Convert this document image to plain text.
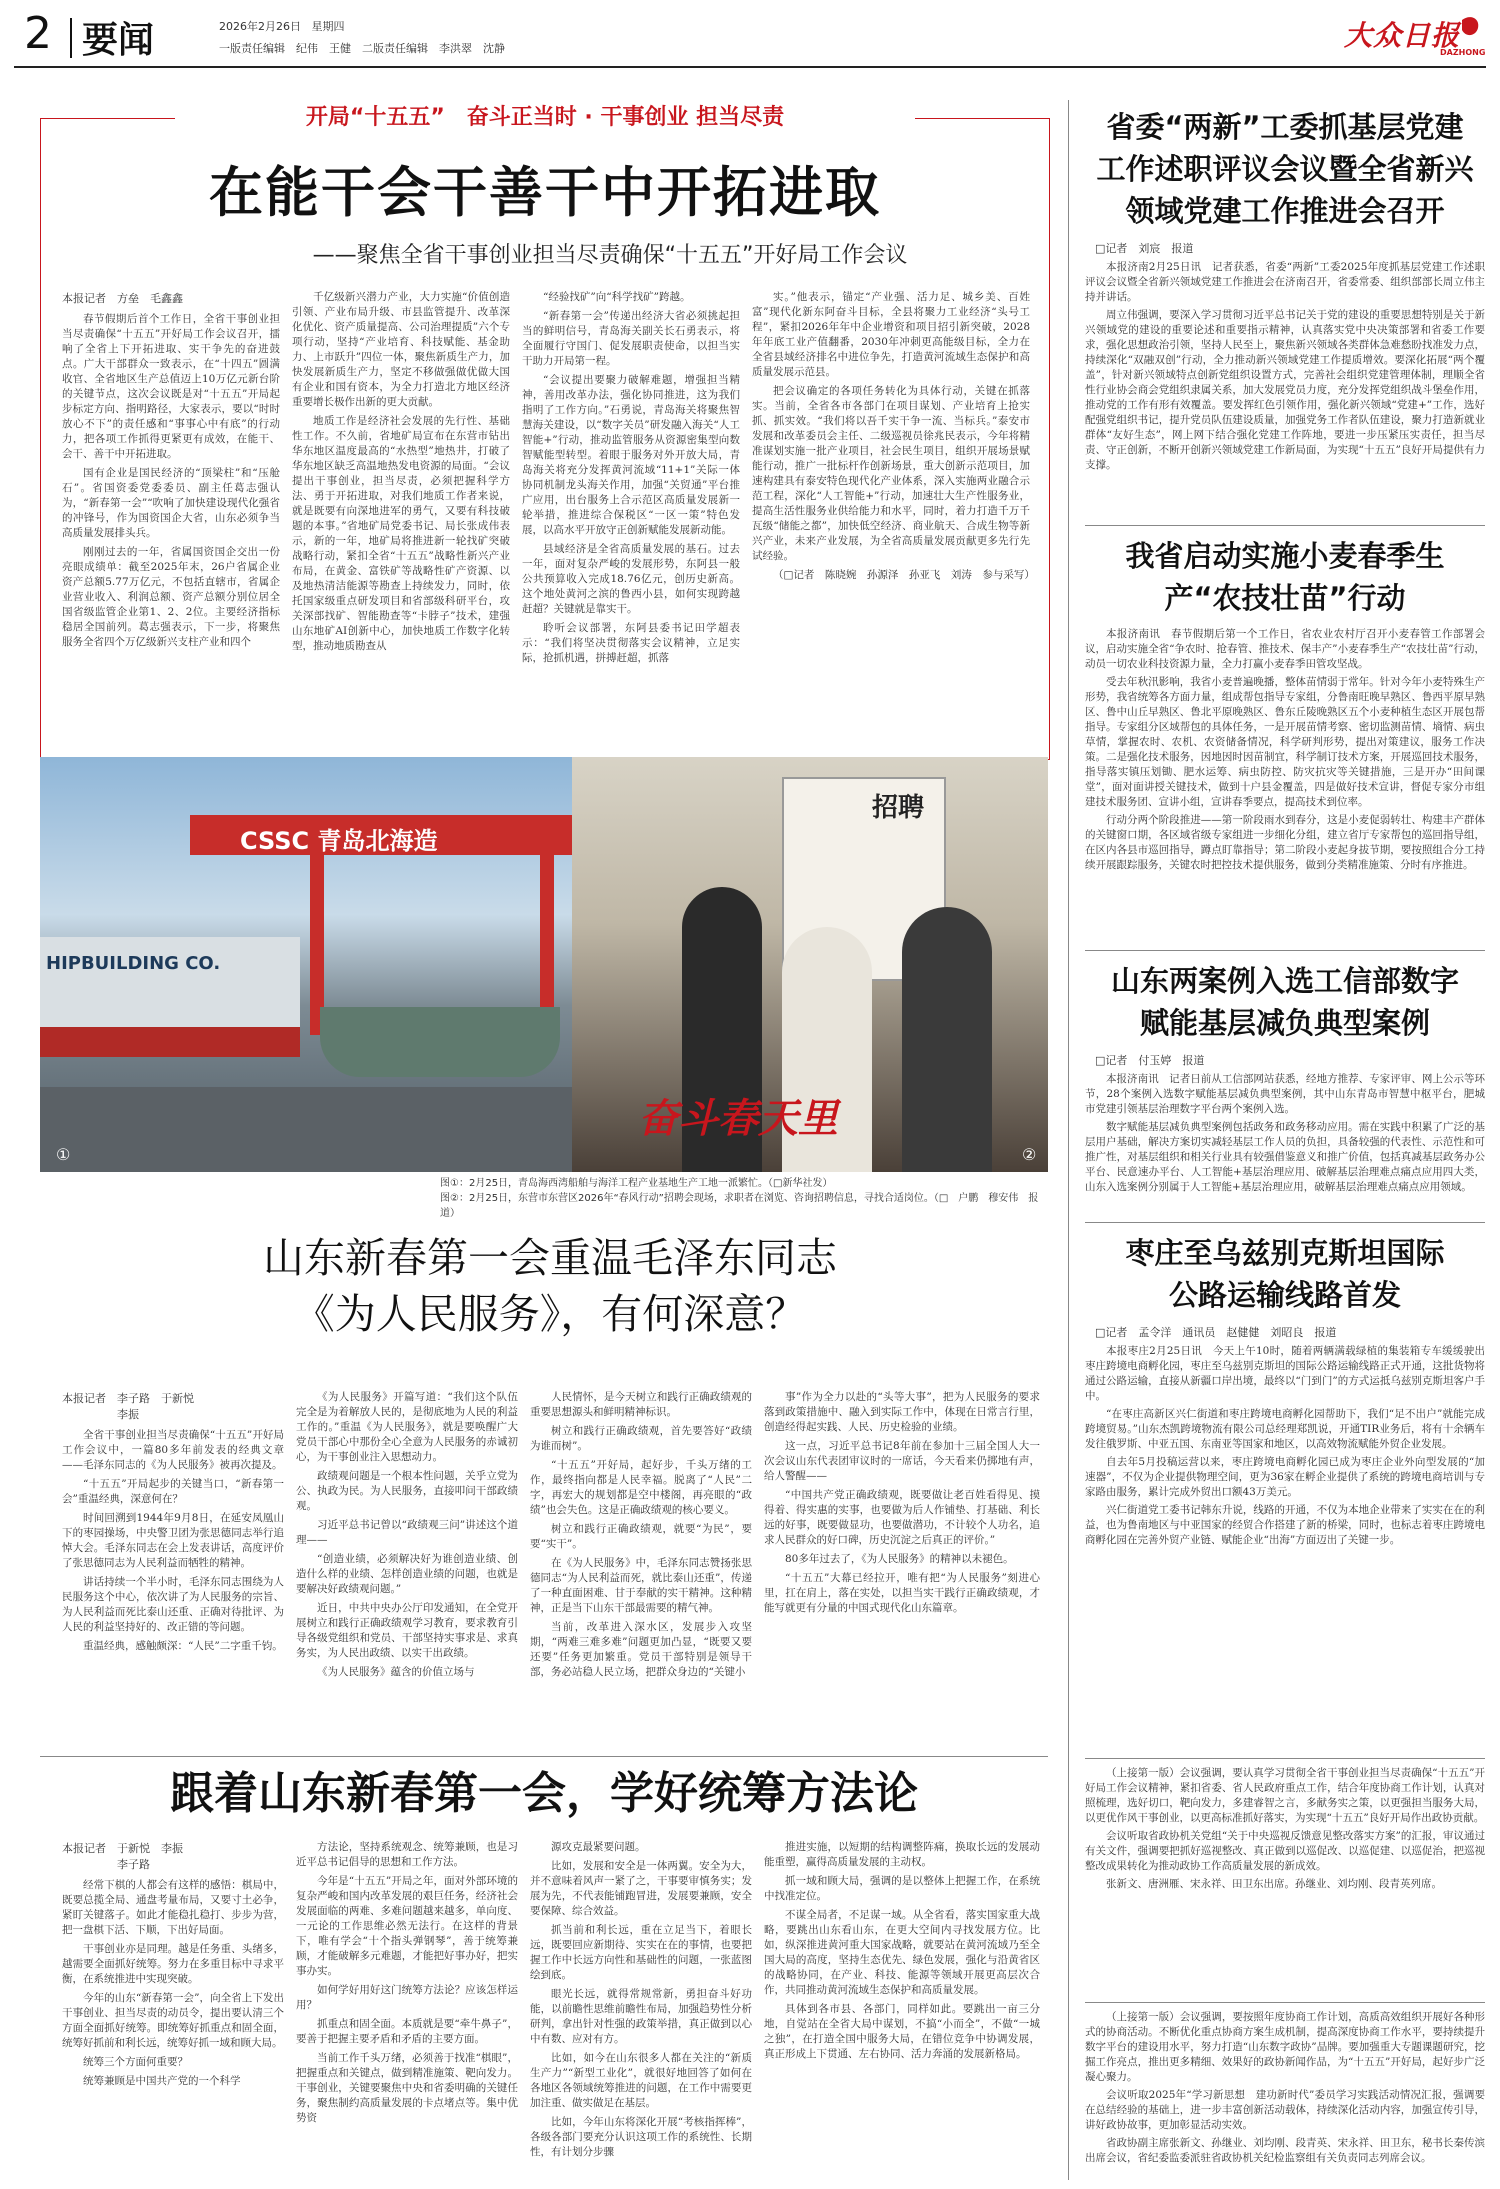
2 要闻	2026年2月26日 星期四
一版责任编辑　纪伟　王健　二版责任编辑　李洪翠　沈静	大众日报
DAZHONG
开局“十五五”　奋斗正当时 · 干事创业 担当尽责
在能干会干善干中开拓进取
——聚焦全省干事创业担当尽责确保“十五五”开好局工作会议
本报记者　方垒　毛鑫鑫

春节假期后首个工作日，全省干事创业担当尽责确保“十五五”开好局工作会议召开，擂响了全省上下开拓进取、实干争先的奋进鼓点。广大干部群众一致表示，在“十四五”圆满收官、全省地区生产总值迈上10万亿元新台阶的关键节点，这次会议既是对“十五五”开局起步标定方向、指明路径，大家表示，要以“时时放心不下”的责任感和“事事心中有底”的行动力，把各项工作抓得更紧更有成效，在能干、会干、善干中开拓进取。

国有企业是国民经济的“顶梁柱”和“压舱石”。省国资委党委委员、副主任葛志强认为，“新春第一会”“吹响了加快建设现代化强省的冲锋号，作为国资国企大省，山东必须争当高质量发展排头兵。

刚刚过去的一年，省属国资国企交出一份亮眼成绩单：截至2025年末，26户省属企业资产总额5.77万亿元，不包括直辖市，省属企业营业收入、利润总额、资产总额分别位居全国省级监管企业第1、2、2位。主要经济指标稳居全国前列。葛志强表示，下一步，将聚焦服务全省四个万亿级新兴支柱产业和四个

千亿级新兴潜力产业，大力实施“价值创造引领、产业布局升级、市县监管提升、改革深化优化、资产质量提高、公司治理提质”六个专项行动，坚持“产业培育、科技赋能、基金助力、上市跃升”四位一体，聚焦新质生产力，加快发展新质生产力，坚定不移做强做优做大国有企业和国有资本，为全力打造北方地区经济重要增长极作出新的更大贡献。

地质工作是经济社会发展的先行性、基础性工作。不久前，省地矿局宣布在东营市钻出华东地区温度最高的“水热型”地热井，打破了华东地区缺乏高温地热发电资源的局面。“会议提出干事创业，担当尽责，必须把握科学方法、勇于开拓进取，对我们地质工作者来说，就是既要有向深地进军的勇气，又要有科技破题的本事。”省地矿局党委书记、局长张成伟表示，新的一年，地矿局将推进新一轮找矿突破战略行动，紧扣全省“十五五”战略性新兴产业布局，在黄金、富铁矿等战略性矿产资源、以及地热清洁能源等勘查上持续发力，同时，依托国家级重点研发项目和省部级科研平台，攻关深部找矿、智能勘查等“卡脖子”技术，建强山东地矿AI创新中心，加快地质工作数字化转型，推动地质勘查从

“经验找矿”向“科学找矿”跨越。

“新春第一会”传递出经济大省必须挑起担当的鲜明信号，青岛海关副关长石勇表示，将全面履行守国门、促发展职责使命，以担当实干助力开局第一程。

“会议提出要聚力破解难题，增强担当精神，善用改革办法，强化协同推进，这为我们指明了工作方向。”石勇说，青岛海关将聚焦智慧海关建设，以“数字关员”研发融入海关“人工智能+”行动，推动监管服务从资源密集型向数智赋能型转型。着眼于服务对外开放大局，青岛海关将充分发挥黄河流域“11+1”关际一体协同机制龙头海关作用，加强“关贸通”平台推广应用，出台服务上合示范区高质量发展新一轮举措，推进综合保税区“一区一策”特色发展，以高水平开放守正创新赋能发展新动能。

县域经济是全省高质量发展的基石。过去一年，面对复杂严峻的发展形势，东阿县一般公共预算收入完成18.76亿元，创历史新高。这个地处黄河之滨的鲁西小县，如何实现跨越赶超？关键就是靠实干。

聆听会议部署，东阿县委书记田学超表示：“我们将坚决贯彻落实会议精神，立足实际，抢抓机遇，拼搏赶超，抓落

实。”他表示，锚定“产业强、活力足、城乡美、百姓富”现代化新东阿奋斗目标，全县将聚力工业经济“头号工程”，紧扣2026年年中企业增资和项目招引新突破，2028年年底工业产值翻番，2030年冲刺更高能级目标，全力在全省县域经济排名中进位争先，打造黄河流域生态保护和高质量发展示范县。

把会议确定的各项任务转化为具体行动，关键在抓落实。当前，全省各市各部门在项目谋划、产业培育上抢实抓、抓实效。“我们将以吾千实干争一流、当标兵。”泰安市发展和改革委员会主任、二级巡视员徐兆民表示，今年将精准谋划实施一批产业项目，社会民生项目，组织开展场景赋能行动，推广一批标杆作创新场景，重大创新示范项目，加速构建具有泰安特色现代化产业体系，深入实施两业融合示范工程，深化“人工智能+”行动，加速壮大生产性服务业，提高生活性服务业供给能力和水平，同时，着力打造千万千瓦级“储能之都”，加快低空经济、商业航天、合成生物等新兴产业，未来产业发展，为全省高质量发展贡献更多先行先试经验。

（□记者　陈晓婉　孙源泽　孙亚飞　刘涛　参与采写）

CSSC 青岛北海造
HIPBUILDING CO.
①
招聘
②
奋斗春天里
图①：2月25日，青岛海西湾船舶与海洋工程产业基地生产工地一派繁忙。（□新华社发）
图②：2月25日，东营市东营区2026年“春风行动”招聘会现场，求职者在浏览、咨询招聘信息，寻找合适岗位。（□　户鹏　穆安伟　报道）
山东新春第一会重温毛泽东同志
《为人民服务》，有何深意？
本报记者　李子路　于新悦
　　　　　李振

全省干事创业担当尽责确保“十五五”开好局工作会议中，一篇80多年前发表的经典文章——毛泽东同志的《为人民服务》被再次提及。

“十五五”开局起步的关键当口，“新春第一会”重温经典，深意何在？

时间回溯到1944年9月8日，在延安凤凰山下的枣园操场，中央警卫团为张思德同志举行追悼大会。毛泽东同志在会上发表讲话，高度评价了张思德同志为人民利益而牺牲的精神。

讲话持续一个半小时，毛泽东同志围绕为人民服务这个中心，依次讲了为人民服务的宗旨、为人民利益而死比泰山还重、正确对待批评、为人民的利益坚持好的、改正错的等问题。

重温经典，感触颇深：“人民”二字重千钧。

《为人民服务》开篇写道：“我们这个队伍完全是为着解放人民的，是彻底地为人民的利益工作的。”重温《为人民服务》，就是要唤醒广大党员干部心中那份全心全意为人民服务的赤诚初心，为干事创业注入思想动力。

政绩观问题是一个根本性问题，关乎立党为公、执政为民。为人民服务，直接叩问干部政绩观。

习近平总书记曾以“政绩观三问”讲述这个道理——

“创造业绩，必须解决好为谁创造业绩、创造什么样的业绩、怎样创造业绩的问题，也就是要解决好政绩观问题。”

近日，中共中央办公厅印发通知，在全党开展树立和践行正确政绩观学习教育，要求教育引导各级党组织和党员、干部坚持实事求是、求真务实，为人民出政绩、以实干出政绩。

《为人民服务》蕴含的价值立场与

人民情怀，是今天树立和践行正确政绩观的重要思想源头和鲜明精神标识。

树立和践行正确政绩观，首先要答好“政绩为谁而树”。

“十五五”开好局，起好步，千头万绪的工作，最终指向都是人民幸福。脱离了“人民”二字，再宏大的规划都是空中楼阁，再亮眼的“政绩”也会失色。这是正确政绩观的核心要义。

树立和践行正确政绩观，就要“为民”，要要“实干”。

在《为人民服务》中，毛泽东同志赞扬张思德同志“为人民利益而死，就比泰山还重”，传递了一种直面困难、甘于奉献的实干精神。这种精神，正是当下山东干部最需要的精气神。

当前，改革进入深水区，发展步入攻坚期，“两难三难多难”问题更加凸显，“既要又要还要”任务更加繁重。党员干部特别是领导干部，务必站稳人民立场，把群众身边的“关键小

事”作为全力以赴的“头等大事”，把为人民服务的要求落到政策措施中、融入到实际工作中，体现在日常言行里，创造经得起实践、人民、历史检验的业绩。

这一点，习近平总书记8年前在参加十三届全国人大一次会议山东代表团审议时的一席话，今天看来仍掷地有声，给人警醒——

“中国共产党正确政绩观，既要做让老百姓看得见、摸得着、得实惠的实事，也要做为后人作铺垫、打基础、利长远的好事，既要做显功，也要做潜功，不计较个人功名，追求人民群众的好口碑，历史沉淀之后真正的评价。”

80多年过去了，《为人民服务》的精神以未褪色。

“十五五”大幕已经拉开，唯有把“为人民服务”刻进心里，扛在肩上，落在实处，以担当实干践行正确政绩观，才能写就更有分量的中国式现代化山东篇章。

跟着山东新春第一会，学好统筹方法论
本报记者　于新悦　李振
　　　　　李子路

经常下棋的人都会有这样的感悟：棋局中，既要总揽全局、通盘考量布局，又要寸土必争，紧盯关键落子。如此才能稳扎稳打、步步为营，把一盘棋下活、下顺，下出好局面。

干事创业亦是同理。越是任务重、头绪多，越需要全面抓好统筹。努力在多重目标中寻求平衡，在系统推进中实现突破。

今年的山东“新春第一会”，向全省上下发出干事创业、担当尽责的动员令，提出要认清三个方面全面抓好统筹。即统筹好抓重点和固全面，统筹好抓前和利长远，统筹好抓一域和顾大局。

统筹三个方面何重要？

统筹兼顾是中国共产党的一个科学

方法论，坚持系统观念、统筹兼顾，也是习近平总书记倡导的思想和工作方法。

今年是“十五五”开局之年，面对外部环境的复杂严峻和国内改革发展的艰巨任务，经济社会发展面临的两难、多难问题越来越多，单向度、一元论的工作思维必然无法行。在这样的背景下，唯有学会“十个指头弹钢琴”，善于统筹兼顾，才能破解多元难题，才能把好事办好，把实事办实。

如何学好用好这门统筹方法论？应该怎样运用？

抓重点和固全面。本质就是要“牵牛鼻子”，要善于把握主要矛盾和矛盾的主要方面。

当前工作千头万绪，必须善于找准“棋眼”，把握重点和关键点，做到精准施策、靶向发力。干事创业，关键要聚焦中央和省委明确的关键任务，聚焦制约高质量发展的卡点堵点等。集中优势资

源攻克最紧要问题。

比如，发展和安全是一体两翼。安全为大，并不意味着风声一紧了之，干事要审慎务实；发展为先，不代表能铺跑冒进，发展要兼顾，安全要保障、综合效益。

抓当前和利长远，重在立足当下，着眼长远，既要回应新期待、实实在在的事情，也要把握工作中长远方向性和基础性的问题，一张蓝图绘到底。

眼光长远，就得常规常新，勇担奋斗好功能，以前瞻性思维前瞻性布局，加强趋势性分析研判，拿出针对性强的政策举措，真正做到以心中有数、应对有方。

比如，如今在山东很多人都在关注的“新质生产力”“新型工业化”，就很好地回答了如何在各地区各领域统筹推进的问题，在工作中需要更加注重、做实做足在基层。

比如，今年山东将深化开展“考核指挥棒”，各级各部门要充分认识这项工作的系统性、长期性，有计划分步骤

推进实施，以短期的结构调整阵痛，换取长远的发展动能重塑，赢得高质量发展的主动权。

抓一域和顾大局，强调的是以整体上把握工作，在系统中找准定位。

不谋全局者，不足谋一域。从全省看，落实国家重大战略，要跳出山东看山东，在更大空间内寻找发展方位。比如，纵深推进黄河重大国家战略，就要站在黄河流域乃至全国大局的高度，坚持生态优先、绿色发展，强化与沿黄省区的战略协同，在产业、科技、能源等领域开展更高层次合作，共同推动黄河流域生态保护和高质量发展。

具体到各市县、各部门，同样如此。要跳出一亩三分地，自觉站在全省大局中谋划，不搞“小而全”，不做“一城之独”，在打造全国中服务大局，在错位竞争中协调发展，真正形成上下贯通、左右协同、活力奔涌的发展新格局。

省委“两新”工委抓基层党建工作述职评议会议暨全省新兴领域党建工作推进会召开
□记者　刘宸　报道

本报济南2月25日讯　记者获悉，省委“两新”工委2025年度抓基层党建工作述职评议会议暨全省新兴领域党建工作推进会在济南召开，省委常委、组织部部长周立伟主持并讲话。

周立伟强调，要深入学习贯彻习近平总书记关于党的建设的重要思想特别是关于新兴领域党的建设的重要论述和重要指示精神，认真落实党中央决策部署和省委工作要求，强化思想政治引领，坚持人民至上，聚焦新兴领域各类群体急难愁盼找准发力点，持续深化“双融双创”行动，全力推动新兴领域党建工作提质增效。要深化拓展“两个覆盖”，针对新兴领域特点创新党组织设置方式，完善社会组织党建管理体制，理顺全省性行业协会商会党组织隶属关系，加大发展党员力度，充分发挥党组织战斗堡垒作用，推动党的工作有形有效覆盖。要发挥红色引领作用，强化新兴领域“党建+”工作，选好配强党组织书记，提升党员队伍建设质量，加强党务工作者队伍建设，聚力打造新就业群体“友好生态”，网上网下结合强化党建工作阵地，要进一步压紧压实责任，担当尽责、守正创新，不断开创新兴领域党建工作新局面，为实现“十五五”良好开局提供有力支撑。

我省启动实施小麦春季生产“农技壮苗”行动

本报济南讯　春节假期后第一个工作日，省农业农村厅召开小麦春管工作部署会议，启动实施全省“争农时、抢春管、推技术、保丰产”小麦春季生产“农技壮苗”行动，动员一切农业科技资源力量，全力打赢小麦春季田管攻坚战。

受去年秋汛影响，我省小麦普遍晚播，整体苗情弱于常年。针对今年小麦特殊生产形势，我省统筹各方面力量，组成帮包指导专家组，分鲁南旺晚早熟区、鲁西平原早熟区、鲁中山丘早熟区、鲁北平原晚熟区、鲁东丘陵晚熟区五个小麦种植生态区开展包帮指导。专家组分区域帮包的具体任务，一是开展苗情考察、密切监测苗情、墒情、病虫草情，掌握农时、农机、农资储备情况，科学研判形势，提出对策建议，服务工作决策。二是强化技术服务，因地因时因苗制宜，科学制订技术方案，开展巡回技术服务，指导落实镇压划锄、肥水运筹、病虫防控、防灾抗灾等关键措施，三是开办“田间课堂”，面对面讲授关键技术，做到十户县金覆盖，四是做好技术宣讲，督促专家分市组建技术服务团、宣讲小组，宣讲春季要点，提高技术到位率。

行动分两个阶段推进——第一阶段雨水到春分，这是小麦促弱转壮、构建丰产群体的关键窗口期，各区域省级专家组进一步细化分组，建立省厅专家帮包的巡回指导组，在区内各县市巡回指导，蹲点盯靠指导；第二阶段小麦起身拔节期，要按照组合分工持续开展跟踪服务，关键农时把控技术提供服务，做到分类精准施策、分时有序推进。

山东两案例入选工信部数字赋能基层减负典型案例
□记者　付玉婷　报道

本报济南讯　记者日前从工信部网站获悉，经地方推荐、专家评审、网上公示等环节，28个案例入选数字赋能基层减负典型案例，其中山东青岛市智慧中枢平台，肥城市党建引领基层治理数字平台两个案例入选。

数字赋能基层减负典型案例包括政务和政务移动应用。需在实践中积累了广泛的基层用户基础，解决方案切实减轻基层工作人员的负担，具备较强的代表性、示范性和可推广性，对基层组织和相关行业具有较强借鉴意义和推广价值，包括真减基层政务办公平台、民意速办平台、人工智能+基层治理应用、破解基层治理难点痛点应用四大类，山东入选案例分别属于人工智能+基层治理应用，破解基层治理难点痛点应用领域。

枣庄至乌兹别克斯坦国际公路运输线路首发
□记者　孟令洋　通讯员　赵健健　刘昭良　报道

本报枣庄2月25日讯　今天上午10时，随着两辆满载绿植的集装箱专车缓缓驶出枣庄跨境电商孵化园，枣庄至乌兹别克斯坦的国际公路运输线路正式开通，这批货物将通过公路运输，直接从新疆口岸出境，最终以“门到门”的方式运抵乌兹别克斯坦客户手中。

“在枣庄高新区兴仁街道和枣庄跨境电商孵化园帮助下，我们“足不出户”就能完成跨境贸易。”山东杰凯跨境物流有限公司总经理郑凯说，开通TIR业务后，将有十余辆车发往俄罗斯、中亚五国、东南亚等国家和地区，以高效物流赋能外贸企业发展。

自去年5月投稿运营以来，枣庄跨境电商孵化园已成为枣庄企业外向型发展的“加速器”，不仅为企业提供物理空间，更为36家在孵企业提供了系统的跨境电商培训与专家路由服务，累计完成外贸出口额43万美元。

兴仁街道党工委书记韩东升说，线路的开通，不仅为本地企业带来了实实在在的利益，也为鲁南地区与中亚国家的经贸合作搭建了新的桥梁，同时，也标志着枣庄跨境电商孵化园在完善外贸产业链、赋能企业“出海”方面迈出了关键一步。

（上接第一版）会议强调，要认真学习贯彻全省干事创业担当尽责确保“十五五”开好局工作会议精神，紧扣省委、省人民政府重点工作，结合年度协商工作计划，认真对照梳理，选好切口，靶向发力，多建睿智之言，多献务实之策，以更强担当服务大局，以更优作风干事创业，以更高标准抓好落实，为实现“十五五”良好开局作出政协贡献。

会议听取省政协机关党组“关于中央巡视反馈意见整改落实方案”的汇报，审议通过有关文件，强调要把抓好巡视整改、真正做到以巡促改、以巡促建、以巡促治，把巡视整改成果转化为推动政协工作高质量发展的新成效。

张新文、唐洲雁、宋永祥、田卫东出席。孙继业、刘均刚、段青英列席。

（上接第一版）会议强调，要按照年度协商工作计划，高质高效组织开展好各种形式的协商活动。不断优化重点协商方案生成机制，提高深度协商工作水平，要持续提升数字平台的建设用水平，努力打造“山东数字政协”品牌。要加强重大专题课题研究，挖掘工作亮点，推出更多精细、效果好的政协新闻作品，为“十五五”开好局，起好步广泛凝心聚力。

会议听取2025年“学习新思想　建功新时代”委员学习实践活动情况汇报，强调要在总结经验的基础上，进一步丰富创新活动载体，持续深化活动内容，加强宣传引导，讲好政协故事，更加彰显活动实效。

省政协副主席张新文、孙继业、刘均刚、段青英、宋永祥、田卫东，秘书长秦传滨出席会议，省纪委监委派驻省政协机关纪检监察组有关负责同志列席会议。
